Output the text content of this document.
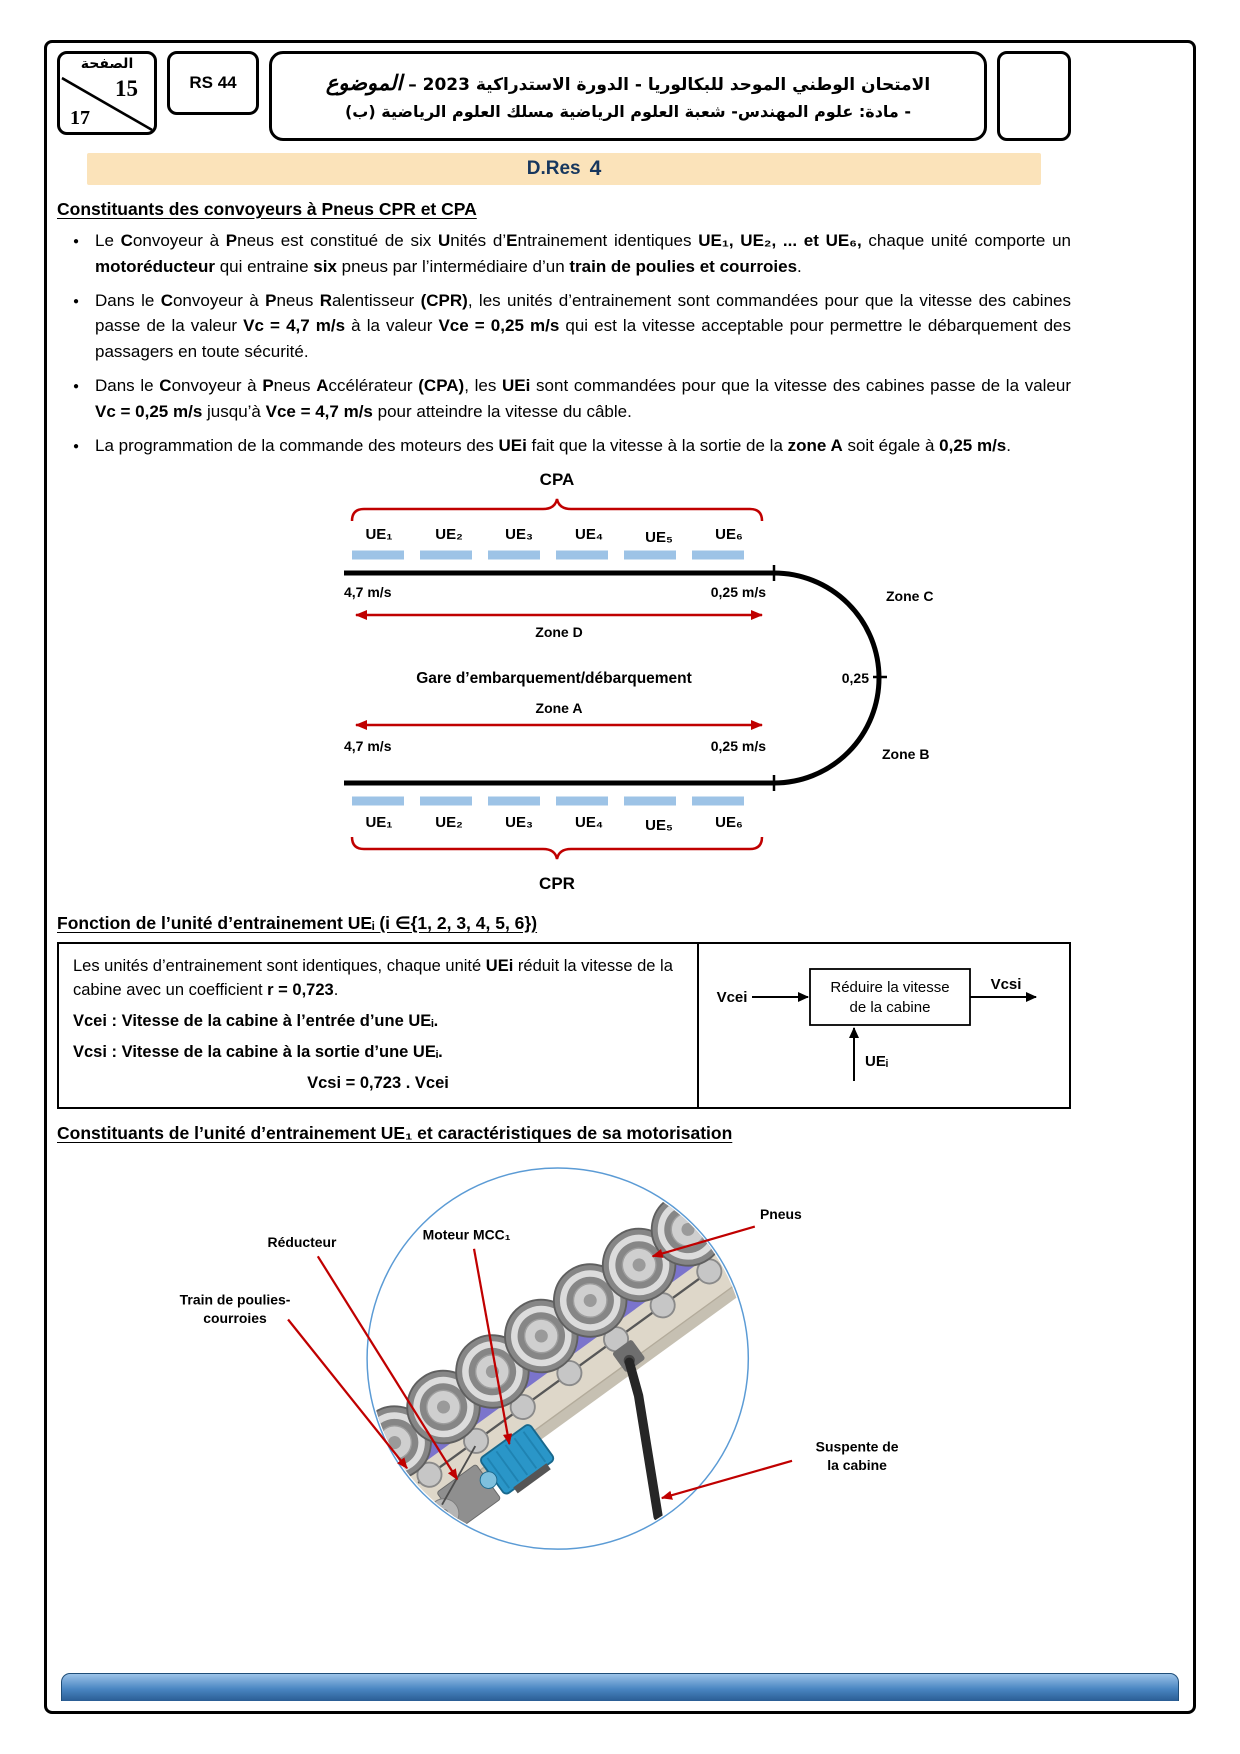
الصفحة
15
17
RS 44	الامتحان الوطني الموحد للبكالوريا - الدورة الاستدراكية 2023 – الموضوع
- مادة: علوم المهندس- شعبة العلوم الرياضية مسلك العلوم الرياضية (ب)
D.Res 4
Constituants des convoyeurs à Pneus CPR et CPA
● Le Convoyeur à Pneus est constitué de six Unités d’Entrainement identiques UE₁, UE₂, ... et UE₆, chaque unité comporte un motoréducteur qui entraine six pneus par l’intermédiaire d’un train de poulies et courroies.
● Dans le Convoyeur à Pneus Ralentisseur (CPR), les unités d’entrainement sont commandées pour que la vitesse des cabines passe de la valeur Vc = 4,7 m/s à la valeur Vce = 0,25 m/s qui est la vitesse acceptable pour permettre le débarquement des passagers en toute sécurité.
● Dans le Convoyeur à Pneus Accélérateur (CPA), les UEi sont commandées pour que la vitesse des cabines passe de la valeur Vc = 0,25 m/s jusqu’à Vce = 4,7 m/s pour atteindre la vitesse du câble.
● La programmation de la commande des moteurs des UEi fait que la vitesse à la sortie de la zone A soit égale à 0,25 m/s.
CPA
UE₁	UE₂	UE₃	UE₄	UE₅	UE₆
4,7 m/s	0,25 m/s	Zone C
Zone D
0,25
Gare d’embarquement/débarquement
Zone A
4,7 m/s	0,25 m/s	Zone B
UE₁	UE₂	UE₃	UE₄	UE₅	UE₆
CPR
Fonction de l’unité d’entrainement UEᵢ (i ∈{1, 2, 3, 4, 5, 6})

Les unités d’entrainement sont identiques, chaque unité UEi réduit la vitesse de la cabine avec un coefficient r = 0,723.

Vcei : Vitesse de la cabine à l’entrée d’une UEᵢ.

Vcsi : Vitesse de la cabine à la sortie d’une UEᵢ.

Vcsi = 0,723 . Vcei

Vcei
Réduire la vitesse
de la cabine
Vcsi
UEᵢ
Constituants de l’unité d’entrainement UE₁ et caractéristiques de sa motorisation
Réducteur	Moteur MCC₁
Pneus
Train de poulies-
courroies
Suspente de
la cabine
